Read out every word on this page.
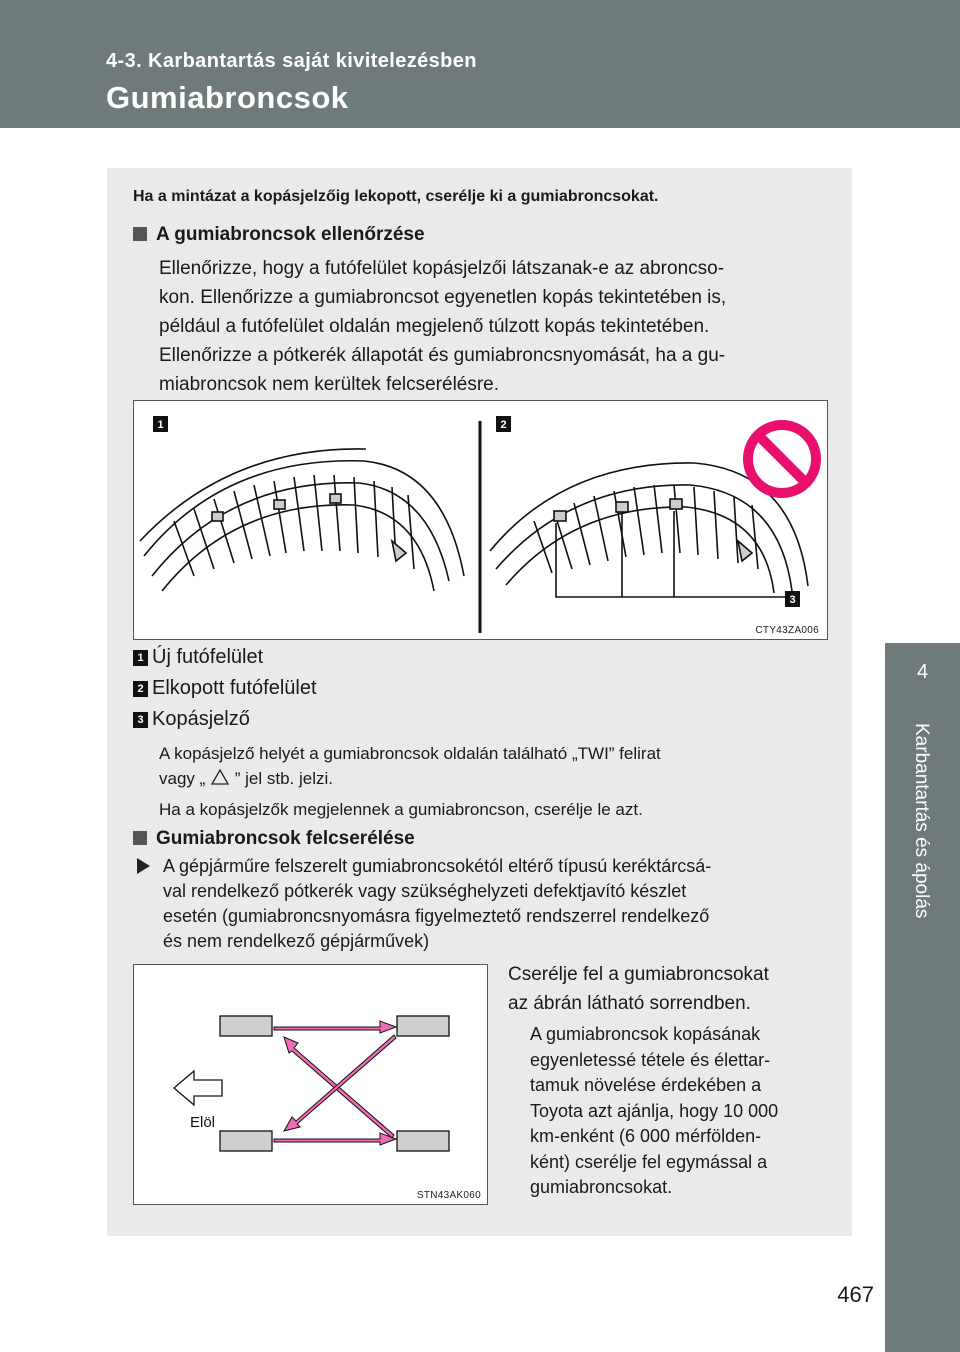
4-3. Karbantartás saját kivitelezésben
Gumiabroncsok
4
Karbantartás és ápolás
467
Ha a mintázat a kopásjelzőig lekopott, cserélje ki a gumiabroncsokat.
A gumiabroncsok ellenőrzése
Ellenőrizze, hogy a futófelület kopásjelzői látszanak-e az abroncso-
kon. Ellenőrizze a gumiabroncsot egyenetlen kopás tekintetében is,
például a futófelület oldalán megjelenő túlzott kopás tekintetében.
Ellenőrizze a pótkerék állapotát és gumiabroncsnyomását, ha a gu-
miabroncsok nem kerültek felcserélésre.
1	2
3
CTY43ZA006
1 Új futófelület
2 Elkopott futófelület
3 Kopásjelző
A kopásjelző helyét a gumiabroncsok oldalán található „TWI” felirat
vagy „ ” jel stb. jelzi.
Ha a kopásjelzők megjelennek a gumiabroncson, cserélje le azt.
Gumiabroncsok felcserélése
A gépjárműre felszerelt gumiabroncsokétól eltérő típusú keréktárcsá-
val rendelkező pótkerék vagy szükséghelyzeti defektjavító készlet
esetén (gumiabroncsnyomásra figyelmeztető rendszerrel rendelkező
és nem rendelkező gépjárművek)
Elöl
STN43AK060
Cserélje fel a gumiabroncsokat
az ábrán látható sorrendben.
A gumiabroncsok kopásának
egyenletessé tétele és élettar-
tamuk növelése érdekében a
Toyota azt ajánlja, hogy 10 000
km-enként (6 000 mérfölden-
ként) cserélje fel egymással a
gumiabroncsokat.
